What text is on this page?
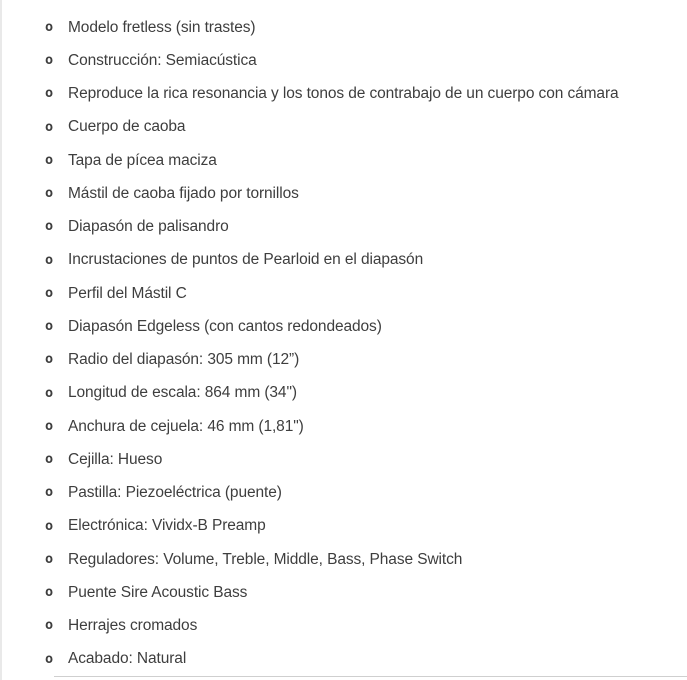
o Modelo fretless (sin trastes)
o Construcción: Semiacústica
o Reproduce la rica resonancia y los tonos de contrabajo de un cuerpo con cámara
o Cuerpo de caoba
o Tapa de pícea maciza
o Mástil de caoba fijado por tornillos
o Diapasón de palisandro
o Incrustaciones de puntos de Pearloid en el diapasón
o Perfil del Mástil C
o Diapasón Edgeless (con cantos redondeados)
o Radio del diapasón: 305 mm (12”)
o Longitud de escala: 864 mm (34")
o Anchura de cejuela: 46 mm (1,81")
o Cejilla: Hueso
o Pastilla: Piezoeléctrica (puente)
o Electrónica: Vividx-B Preamp
o Reguladores: Volume, Treble, Middle, Bass, Phase Switch
o Puente Sire Acoustic Bass
o Herrajes cromados
o Acabado: Natural
